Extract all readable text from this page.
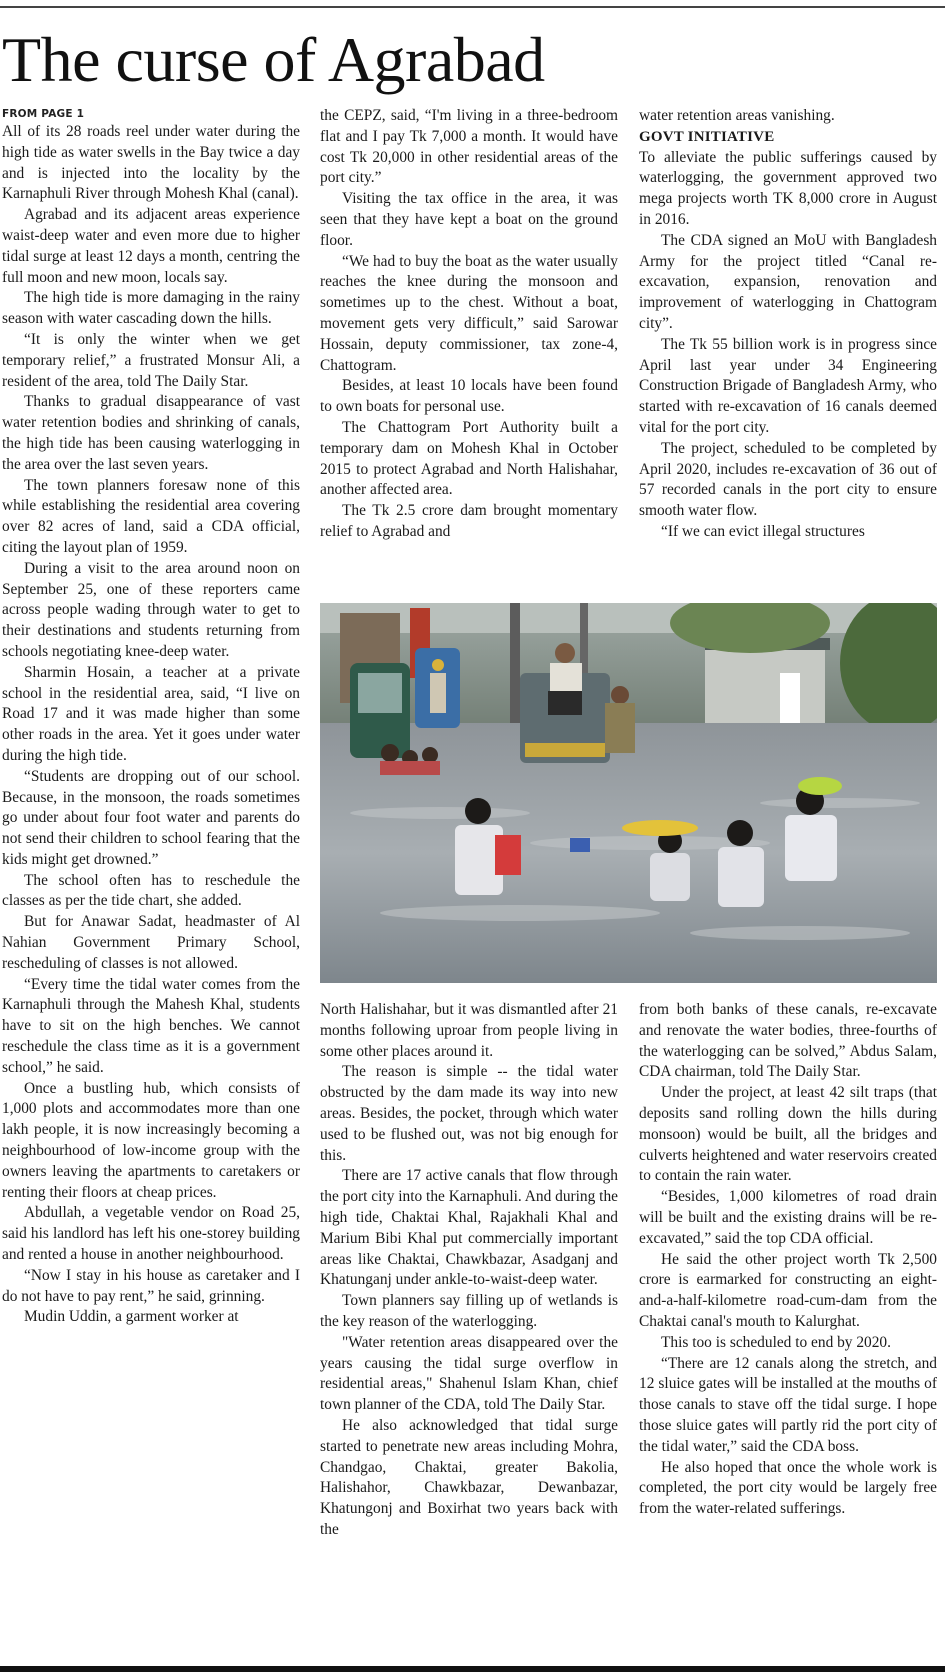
The curse of Agrabad

FROM PAGE 1

All of its 28 roads reel under water during the high tide as water swells in the Bay twice a day and is injected into the locality by the Karnaphuli River through Mohesh Khal (canal).

Agrabad and its adjacent areas experience waist-deep water and even more due to higher tidal surge at least 12 days a month, centring the full moon and new moon, locals say.

The high tide is more damaging in the rainy season with water cascading down the hills.

“It is only the winter when we get temporary relief,” a frustrated Monsur Ali, a resident of the area, told The Daily Star.

Thanks to gradual disappearance of vast water retention bodies and shrinking of canals, the high tide has been causing waterlogging in the area over the last seven years.

The town planners foresaw none of this while establishing the residential area covering over 82 acres of land, said a CDA official, citing the layout plan of 1959.

During a visit to the area around noon on September 25, one of these reporters came across people wading through water to get to their destinations and students returning from schools negotiating knee-deep water.

Sharmin Hosain, a teacher at a private school in the residential area, said, “I live on Road 17 and it was made higher than some other roads in the area. Yet it goes under water during the high tide.

“Students are dropping out of our school. Because, in the monsoon, the roads sometimes go under about four foot water and parents do not send their children to school fearing that the kids might get drowned.”

The school often has to reschedule the classes as per the tide chart, she added.

But for Anawar Sadat, headmaster of Al Nahian Government Primary School, rescheduling of classes is not allowed.

“Every time the tidal water comes from the Karnaphuli through the Mahesh Khal, students have to sit on the high benches. We cannot reschedule the class time as it is a government school,” he said.

Once a bustling hub, which consists of 1,000 plots and accommodates more than one lakh people, it is now increasingly becoming a neighbourhood of low-income group with the owners leaving the apartments to caretakers or renting their floors at cheap prices.

Abdullah, a vegetable vendor on Road 25, said his landlord has left his one-storey building and rented a house in another neighbourhood.

“Now I stay in his house as caretaker and I do not have to pay rent,” he said, grinning.

Mudin Uddin, a garment worker at

the CEPZ, said, “I'm living in a three-bedroom flat and I pay Tk 7,000 a month. It would have cost Tk 20,000 in other residential areas of the port city.”

Visiting the tax office in the area, it was seen that they have kept a boat on the ground floor.

“We had to buy the boat as the water usually reaches the knee during the monsoon and sometimes up to the chest. Without a boat, movement gets very difficult,” said Sarowar Hossain, deputy commissioner, tax zone-4, Chattogram.

Besides, at least 10 locals have been found to own boats for personal use.

The Chattogram Port Authority built a temporary dam on Mohesh Khal in October 2015 to protect Agrabad and North Halishahar, another affected area.

The Tk 2.5 crore dam brought momentary relief to Agrabad and

water retention areas vanishing.

GOVT INITIATIVE

To alleviate the public sufferings caused by waterlogging, the government approved two mega projects worth TK 8,000 crore in August in 2016.

The CDA signed an MoU with Bangladesh Army for the project titled “Canal re-excavation, expansion, renovation and improvement of waterlogging in Chattogram city”.

The Tk 55 billion work is in progress since April last year under 34 Engineering Construction Brigade of Bangladesh Army, who started with re-excavation of 16 canals deemed vital for the port city.

The project, scheduled to be completed by April 2020, includes re-excavation of 36 out of 57 recorded canals in the port city to ensure smooth water flow.

“If we can evict illegal structures

North Halishahar, but it was dismantled after 21 months following uproar from people living in some other places around it.

The reason is simple -- the tidal water obstructed by the dam made its way into new areas. Besides, the pocket, through which water used to be flushed out, was not big enough for this.

There are 17 active canals that flow through the port city into the Karnaphuli. And during the high tide, Chaktai Khal, Rajakhali Khal and Marium Bibi Khal put commercially important areas like Chaktai, Chawkbazar, Asadganj and Khatunganj under ankle-to-waist-deep water.

Town planners say filling up of wetlands is the key reason of the waterlogging.

"Water retention areas disappeared over the years causing the tidal surge overflow in residential areas," Shahenul Islam Khan, chief town planner of the CDA, told The Daily Star.

He also acknowledged that tidal surge started to penetrate new areas including Mohra, Chandgao, Chaktai, greater Bakolia, Halishahor, Chawkbazar, Dewanbazar, Khatungonj and Boxirhat two years back with the

from both banks of these canals, re-excavate and renovate the water bodies, three-fourths of the waterlogging can be solved,” Abdus Salam, CDA chairman, told The Daily Star.

Under the project, at least 42 silt traps (that deposits sand rolling down the hills during monsoon) would be built, all the bridges and culverts heightened and water reservoirs created to contain the rain water.

“Besides, 1,000 kilometres of road drain will be built and the existing drains will be re-excavated,” said the top CDA official.

He said the other project worth Tk 2,500 crore is earmarked for constructing an eight-and-a-half-kilometre road-cum-dam from the Chaktai canal's mouth to Kalurghat.

This too is scheduled to end by 2020.

“There are 12 canals along the stretch, and 12 sluice gates will be installed at the mouths of those canals to stave off the tidal surge. I hope those sluice gates will partly rid the port city of the tidal water,” said the CDA boss.

He also hoped that once the whole work is completed, the port city would be largely free from the water-related sufferings.
